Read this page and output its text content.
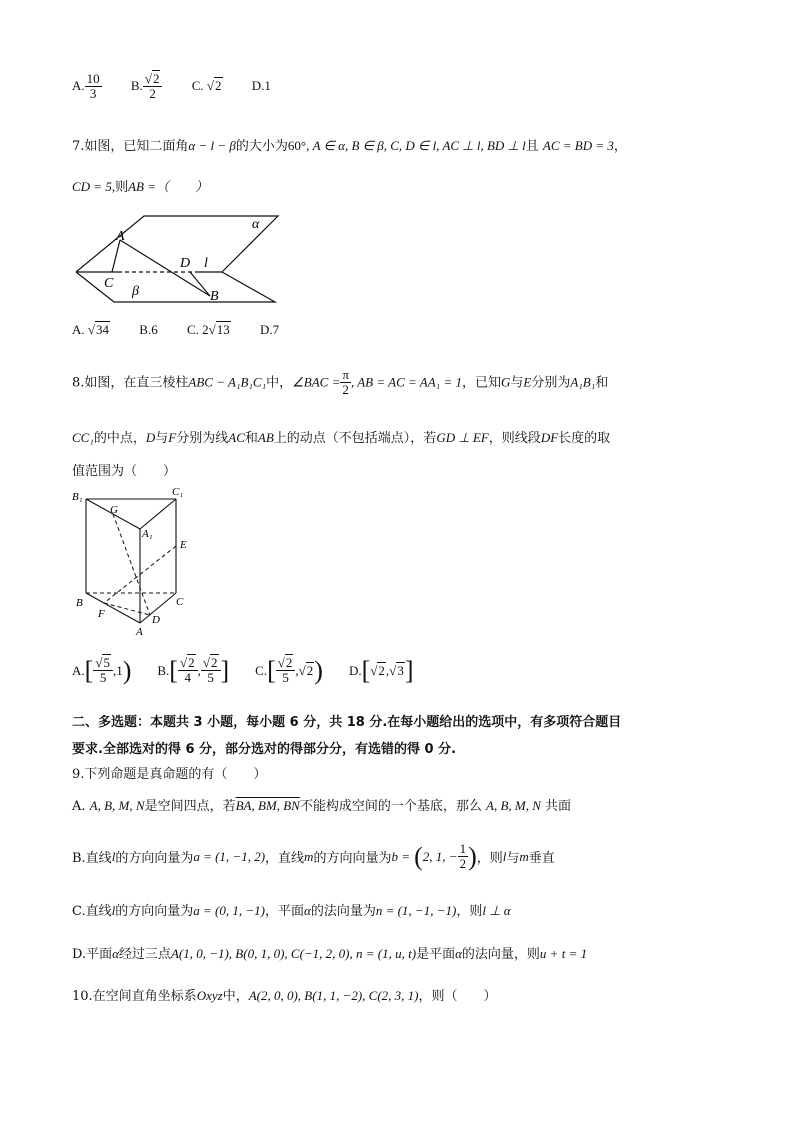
A. $\frac{10}{3} B$. $\frac{√2}{2} C$. √2 D.1
7.如图，已知二面角α − l − β的大小为60°, A ∈ α, B ∈ β, C, D ∈ l, AC ⊥ l, BD ⊥ l且 AC = BD = 3，
CD = 5,则AB =（　　）
A
C
D l
β	B
α
A. √34 B.6 C. 2√13 D.7
8.如图，在直三棱柱ABC − A₁B₁C₁中，∠BAC = $\frac{\pi}{2}$ , AB = AC = AA₁ = 1，已知G与E分别为A₁B₁和
CC₁的中点，D与F分别为线AC和AB上的动点（不包括端点），若GD ⊥ EF，则线段DF长度的取
值范围为（　　）
B₁	C₁
G
A₁
E
B	C
F	D
A
A. [ $\frac{√5}{5} ,1$ ) B. [ $\frac{√2}{4}$ , $\frac{√2}{5}$ ] C. [ $\frac{√2}{5}$ , √2 ) D. [ √2 , √3 ]
二、多选题：本题共 3 小题，每小题 6 分，共 18 分.在每小题给出的选项中，有多项符合题目
要求.全部选对的得 6 分，部分选对的得部分分，有选错的得 0 分.
9.下列命题是真命题的有（　　）
A. A, B, M, N是空间四点，若BA, BM, BN不能构成空间的一个基底，那么 A, B, M, N 共面
B.直线 l 的方向向量为 a = (1, −1, 2) ，直线 m 的方向向量为 b =
( 2, 1, − $\frac{1}{2}$ ) ，则 l 与 m 垂直
C.直线l的方向向量为a = (0, 1, −1)，平面α的法向量为n = (1, −1, −1)，则l ⊥ α
D.平面α经过三点A(1, 0, −1), B(0, 1, 0), C(−1, 2, 0), n = (1, u, t)是平面α的法向量，则u + t = 1
10.在空间直角坐标系Oxyz中，A(2, 0, 0), B(1, 1, −2), C(2, 3, 1)，则（　　）
